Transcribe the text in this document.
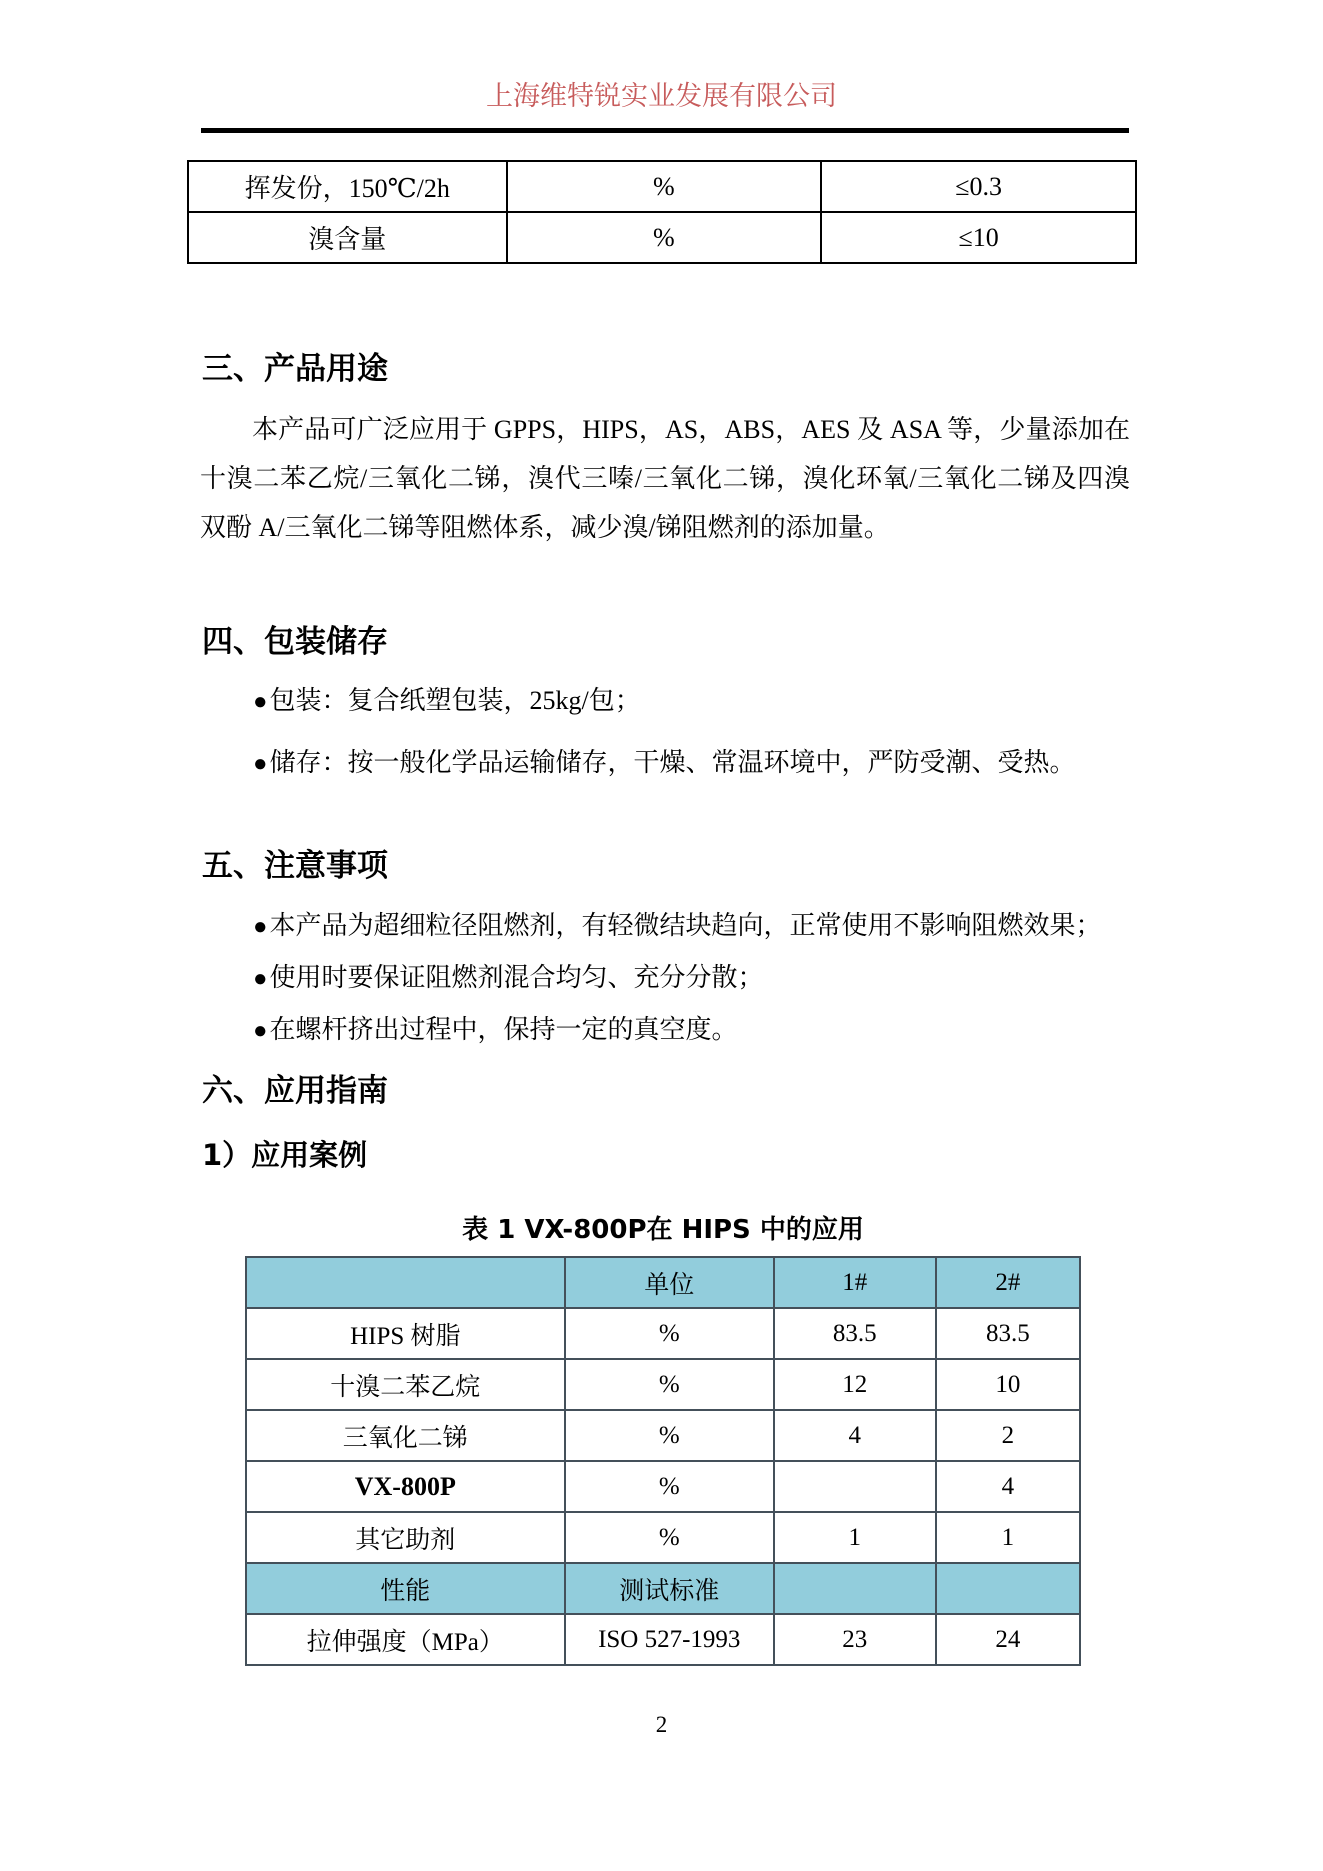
上海维特锐实业发展有限公司
挥发份，150℃/2h	%	≤0.3
溴含量	%	≤10
三、产品用途
本产品可广泛应用于 GPPS，HIPS，AS，ABS，AES 及 ASA 等，少量添加在十溴二苯乙烷/三氧化二锑，溴代三嗪/三氧化二锑，溴化环氧/三氧化二锑及四溴双酚 A/三氧化二锑等阻燃体系，减少溴/锑阻燃剂的添加量。
四、包装储存
●包装：复合纸塑包装，25kg/包；
●储存：按一般化学品运输储存，干燥、常温环境中，严防受潮、受热。
五、注意事项
●本产品为超细粒径阻燃剂，有轻微结块趋向，正常使用不影响阻燃效果；
●使用时要保证阻燃剂混合均匀、充分分散；
●在螺杆挤出过程中，保持一定的真空度。
六、应用指南
1）应用案例
表 1 VX-800P在 HIPS 中的应用
	单位	1#	2#
HIPS 树脂	%	83.5	83.5
十溴二苯乙烷	%	12	10
三氧化二锑	%	4	2
VX-800P	%		4
其它助剂	%	1	1
性能	测试标准		
拉伸强度（MPa）	ISO 527-1993	23	24
2
